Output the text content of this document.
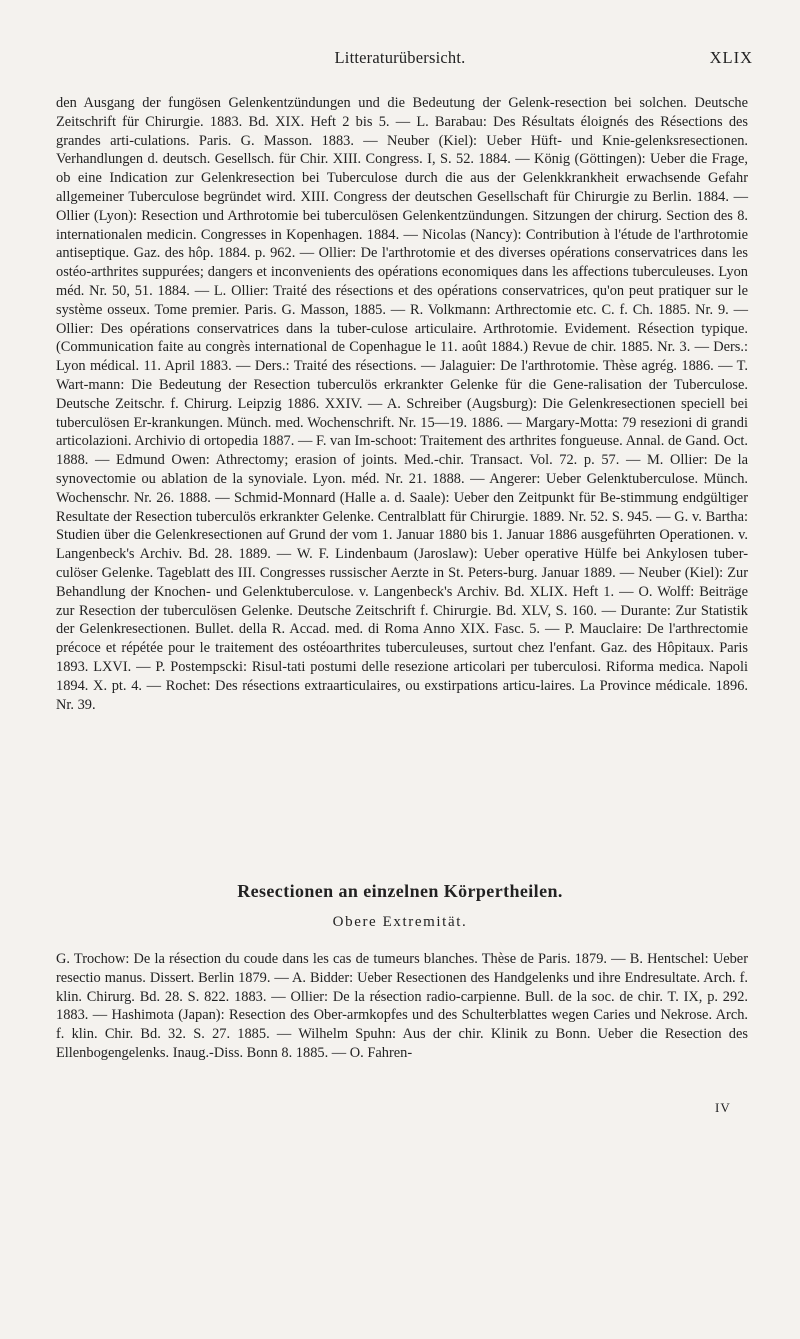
Litteraturübersicht.	XLIX

den Ausgang der fungösen Gelenkentzündungen und die Bedeutung der Gelenk-resection bei solchen. Deutsche Zeitschrift für Chirurgie. 1883. Bd. XIX. Heft 2 bis 5. — L. Barabau: Des Résultats éloignés des Résections des grandes arti-culations. Paris. G. Masson. 1883. — Neuber (Kiel): Ueber Hüft- und Knie-gelenksresectionen. Verhandlungen d. deutsch. Gesellsch. für Chir. XIII. Congress. I, S. 52. 1884. — König (Göttingen): Ueber die Frage, ob eine Indication zur Gelenkresection bei Tuberculose durch die aus der Gelenkkrankheit erwachsende Gefahr allgemeiner Tuberculose begründet wird. XIII. Congress der deutschen Gesellschaft für Chirurgie zu Berlin. 1884. — Ollier (Lyon): Resection und Arthrotomie bei tuberculösen Gelenkentzündungen. Sitzungen der chirurg. Section des 8. internationalen medicin. Congresses in Kopenhagen. 1884. — Nicolas (Nancy): Contribution à l'étude de l'arthrotomie antiseptique. Gaz. des hôp. 1884. p. 962. — Ollier: De l'arthrotomie et des diverses opérations conservatrices dans les ostéo-arthrites suppurées; dangers et inconvenients des opérations economiques dans les affections tuberculeuses. Lyon méd. Nr. 50, 51. 1884. — L. Ollier: Traité des résections et des opérations conservatrices, qu'on peut pratiquer sur le système osseux. Tome premier. Paris. G. Masson, 1885. — R. Volkmann: Arthrectomie etc. C. f. Ch. 1885. Nr. 9. — Ollier: Des opérations conservatrices dans la tuber-culose articulaire. Arthrotomie. Evidement. Résection typique. (Communication faite au congrès international de Copenhague le 11. août 1884.) Revue de chir. 1885. Nr. 3. — Ders.: Lyon médical. 11. April 1883. — Ders.: Traité des résections. — Jalaguier: De l'arthrotomie. Thèse agrég. 1886. — T. Wart-mann: Die Bedeutung der Resection tuberculös erkrankter Gelenke für die Gene-ralisation der Tuberculose. Deutsche Zeitschr. f. Chirurg. Leipzig 1886. XXIV. — A. Schreiber (Augsburg): Die Gelenkresectionen speciell bei tuberculösen Er-krankungen. Münch. med. Wochenschrift. Nr. 15—19. 1886. — Margary-Motta: 79 resezioni di grandi articolazioni. Archivio di ortopedia 1887. — F. van Im-schoot: Traitement des arthrites fongueuse. Annal. de Gand. Oct. 1888. — Edmund Owen: Athrectomy; erasion of joints. Med.-chir. Transact. Vol. 72. p. 57. — M. Ollier: De la synovectomie ou ablation de la synoviale. Lyon. méd. Nr. 21. 1888. — Angerer: Ueber Gelenktuberculose. Münch. Wochenschr. Nr. 26. 1888. — Schmid-Monnard (Halle a. d. Saale): Ueber den Zeitpunkt für Be-stimmung endgültiger Resultate der Resection tuberculös erkrankter Gelenke. Centralblatt für Chirurgie. 1889. Nr. 52. S. 945. — G. v. Bartha: Studien über die Gelenkresectionen auf Grund der vom 1. Januar 1880 bis 1. Januar 1886 ausgeführten Operationen. v. Langenbeck's Archiv. Bd. 28. 1889. — W. F. Lindenbaum (Jaroslaw): Ueber operative Hülfe bei Ankylosen tuber-culöser Gelenke. Tageblatt des III. Congresses russischer Aerzte in St. Peters-burg. Januar 1889. — Neuber (Kiel): Zur Behandlung der Knochen- und Gelenktuberculose. v. Langenbeck's Archiv. Bd. XLIX. Heft 1. — O. Wolff: Beiträge zur Resection der tuberculösen Gelenke. Deutsche Zeitschrift f. Chirurgie. Bd. XLV, S. 160. — Durante: Zur Statistik der Gelenkresectionen. Bullet. della R. Accad. med. di Roma Anno XIX. Fasc. 5. — P. Mauclaire: De l'arthrectomie précoce et répétée pour le traitement des ostéoarthrites tuberculeuses, surtout chez l'enfant. Gaz. des Hôpitaux. Paris 1893. LXVI. — P. Postempscki: Risul-tati postumi delle resezione articolari per tuberculosi. Riforma medica. Napoli 1894. X. pt. 4. — Rochet: Des résections extraarticulaires, ou exstirpations articu-laires. La Province médicale. 1896. Nr. 39.

Resectionen an einzelnen Körpertheilen.
Obere Extremität.

G. Trochow: De la résection du coude dans les cas de tumeurs blanches. Thèse de Paris. 1879. — B. Hentschel: Ueber resectio manus. Dissert. Berlin 1879. — A. Bidder: Ueber Resectionen des Handgelenks und ihre Endresultate. Arch. f. klin. Chirurg. Bd. 28. S. 822. 1883. — Ollier: De la résection radio-carpienne. Bull. de la soc. de chir. T. IX, p. 292. 1883. — Hashimota (Japan): Resection des Ober-armkopfes und des Schulterblattes wegen Caries und Nekrose. Arch. f. klin. Chir. Bd. 32. S. 27. 1885. — Wilhelm Spuhn: Aus der chir. Klinik zu Bonn. Ueber die Resection des Ellenbogengelenks. Inaug.-Diss. Bonn 8. 1885. — O. Fahren-

IV
